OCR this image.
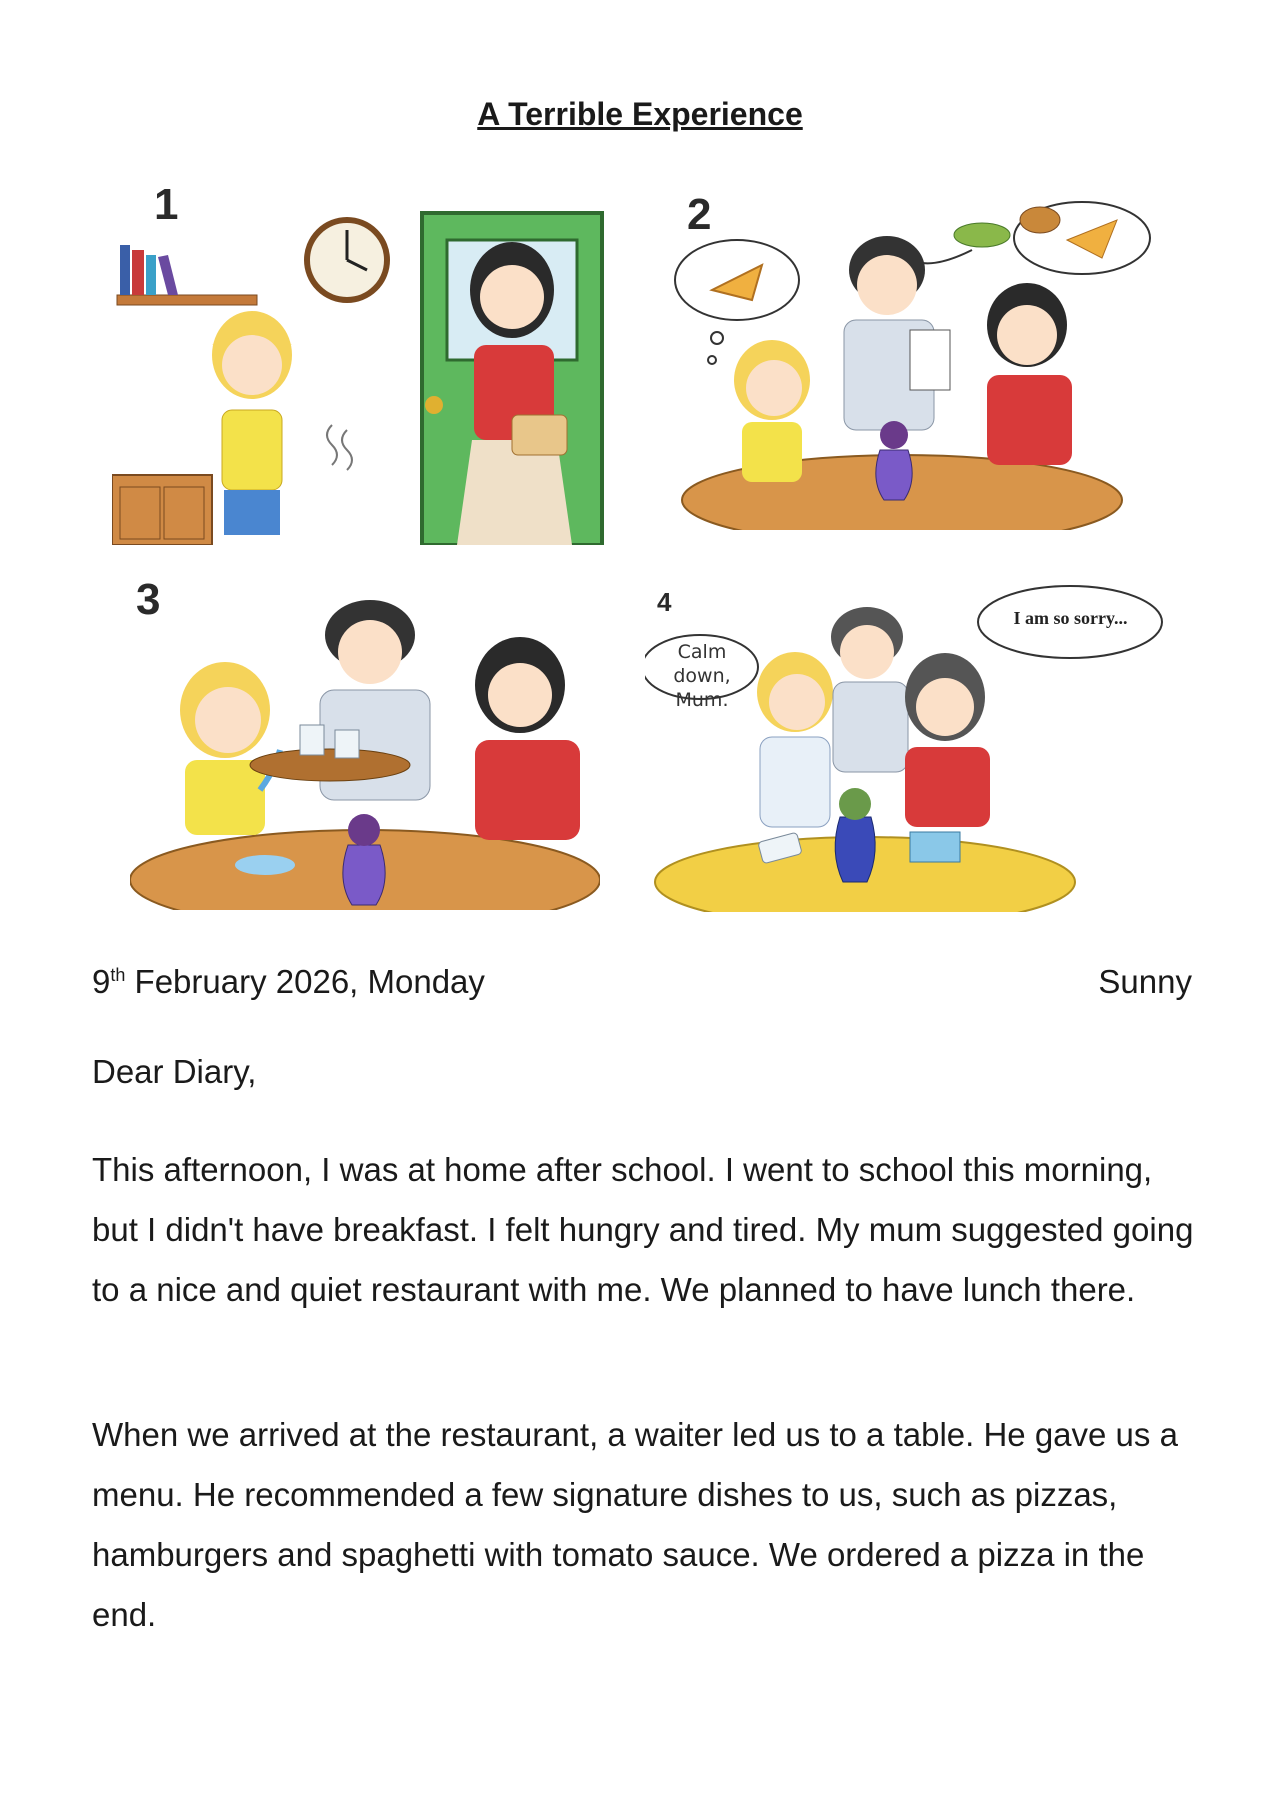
A Terrible Experience
1	2
3	4
Calm down, Mum.
I am so sorry...
9th February 2026, Monday	Sunny
Dear Diary,

This afternoon, I was at home after school. I went to school this morning, but I didn't have breakfast. I felt hungry and tired. My mum suggested going to a nice and quiet restaurant with me. We planned to have lunch there.

When we arrived at the restaurant, a waiter led us to a table. He gave us a menu. He recommended a few signature dishes to us, such as pizzas, hamburgers and spaghetti with tomato sauce. We ordered a pizza in the end.
